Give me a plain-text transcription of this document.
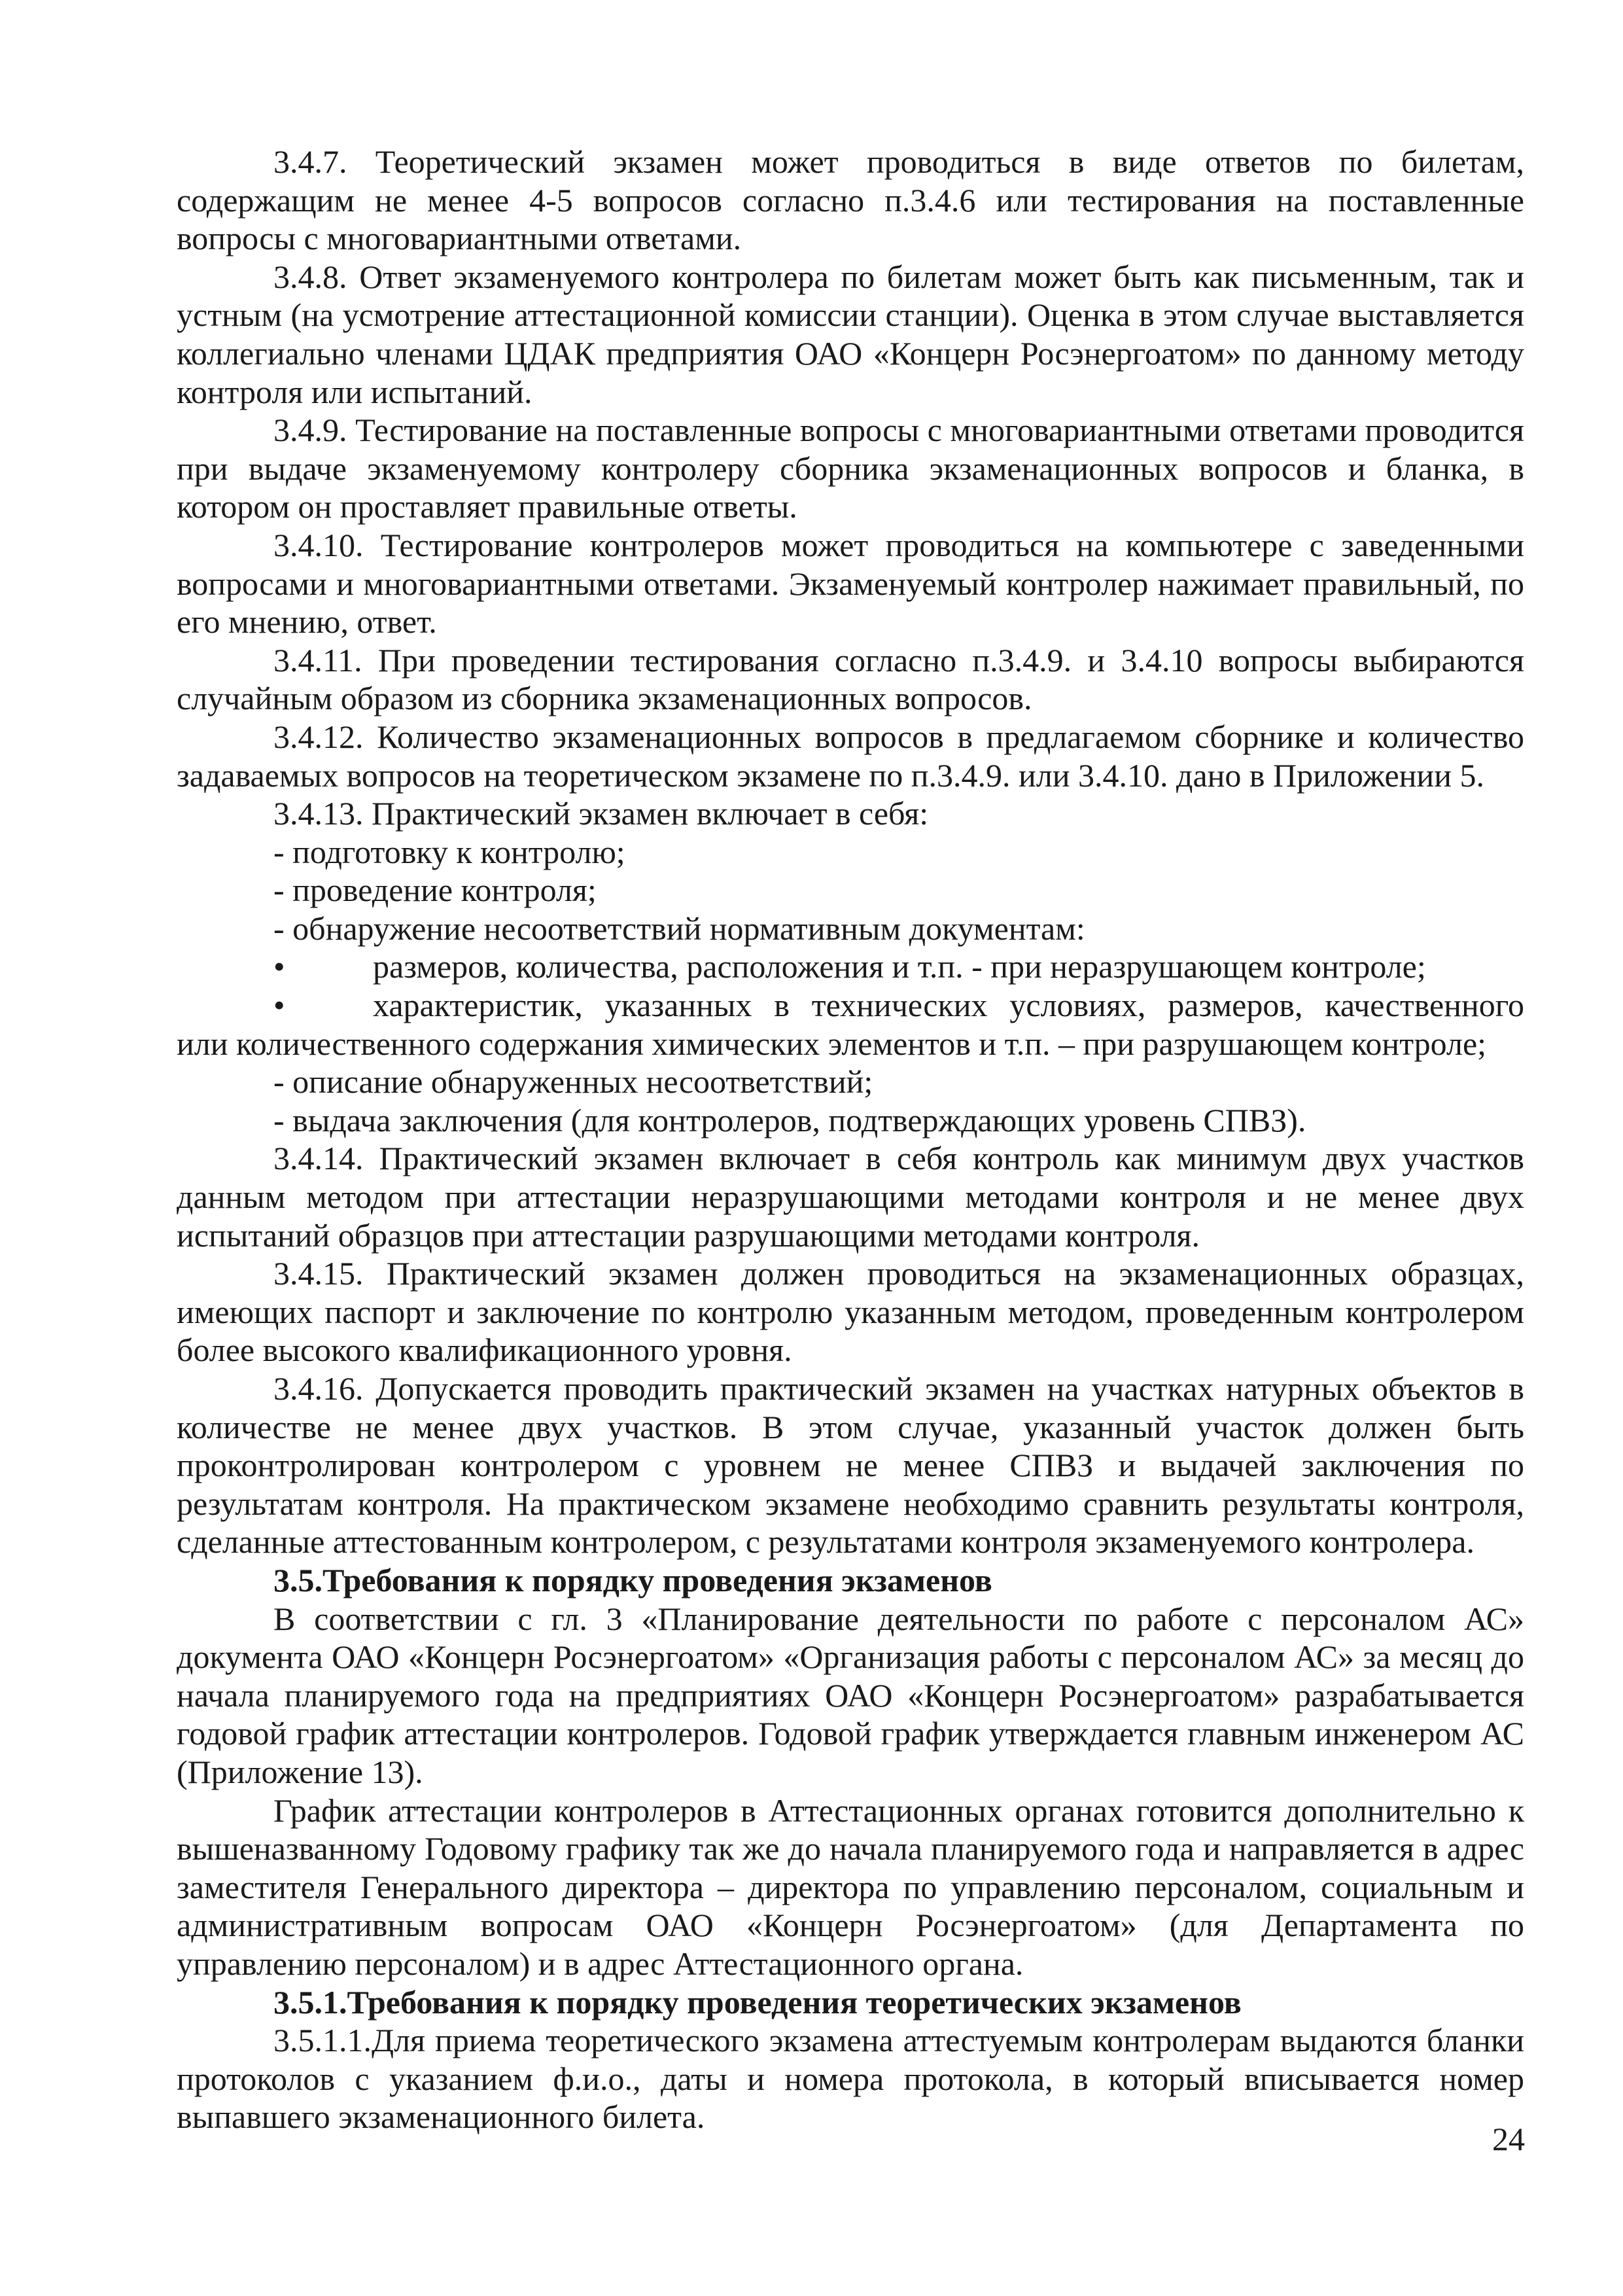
3.4.7. Теоретический экзамен может проводиться в виде ответов по билетам, содержащим не менее 4-5 вопросов согласно п.3.4.6 или тестирования на поставленные вопросы с многовариантными ответами.

3.4.8. Ответ экзаменуемого контролера по билетам может быть как письменным, так и устным (на усмотрение аттестационной комиссии станции). Оценка в этом случае выставляется коллегиально членами ЦДАК предприятия ОАО «Концерн Росэнергоатом» по данному методу контроля или испытаний.

3.4.9. Тестирование на поставленные вопросы с многовариантными ответами проводится при выдаче экзаменуемому контролеру сборника экзаменационных вопросов и бланка, в котором он проставляет правильные ответы.

3.4.10. Тестирование контролеров может проводиться на компьютере с заведенными вопросами и многовариантными ответами. Экзаменуемый контролер нажимает правильный, по его мнению, ответ.

3.4.11. При проведении тестирования согласно п.3.4.9. и 3.4.10 вопросы выбираются случайным образом из сборника экзаменационных вопросов.

3.4.12. Количество экзаменационных вопросов в предлагаемом сборнике и количество задаваемых вопросов на теоретическом экзамене по п.3.4.9. или 3.4.10. дано в Приложении 5.

3.4.13. Практический экзамен включает в себя:

- подготовку к контролю;

- проведение контроля;

- обнаружение несоответствий нормативным документам:

•	размеров, количества, расположения и т.п. - при неразрушающем контроле;

•	характеристик, указанных в технических условиях, размеров, качественного
или количественного содержания химических элементов и т.п. – при разрушающем контроле;

- описание обнаруженных несоответствий;

- выдача заключения (для контролеров, подтверждающих уровень СПВЗ).

3.4.14. Практический экзамен включает в себя контроль как минимум двух участков данным методом при аттестации неразрушающими методами контроля и не менее двух испытаний образцов при аттестации разрушающими методами контроля.

3.4.15. Практический экзамен должен проводиться на экзаменационных образцах, имеющих паспорт и заключение по контролю указанным методом, проведенным контролером более высокого квалификационного уровня.

3.4.16. Допускается проводить практический экзамен на участках натурных объектов в количестве не менее двух участков. В этом случае, указанный участок должен быть проконтролирован контролером с уровнем не менее СПВЗ и выдачей заключения по результатам контроля. На практическом экзамене необходимо сравнить результаты контроля, сделанные аттестованным контролером, с результатами контроля экзаменуемого контролера.

3.5.Требования к порядку проведения экзаменов

В соответствии с гл. 3 «Планирование деятельности по работе с персоналом АС» документа ОАО «Концерн Росэнергоатом» «Организация работы с персоналом АС» за месяц до начала планируемого года на предприятиях ОАО «Концерн Росэнергоатом» разрабатывается годовой график аттестации контролеров. Годовой график утверждается главным инженером АС (Приложение 13).

График аттестации контролеров в Аттестационных органах готовится дополнительно к вышеназванному Годовому графику так же до начала планируемого года и направляется в адрес заместителя Генерального директора – директора по управлению персоналом, социальным и административным вопросам ОАО «Концерн Росэнергоатом» (для Департамента по управлению персоналом) и в адрес Аттестационного органа.

3.5.1.Требования к порядку проведения теоретических экзаменов

3.5.1.1.Для приема теоретического экзамена аттестуемым контролерам выдаются бланки протоколов с указанием ф.и.о., даты и номера протокола, в который вписывается номер выпавшего экзаменационного билета.

24
